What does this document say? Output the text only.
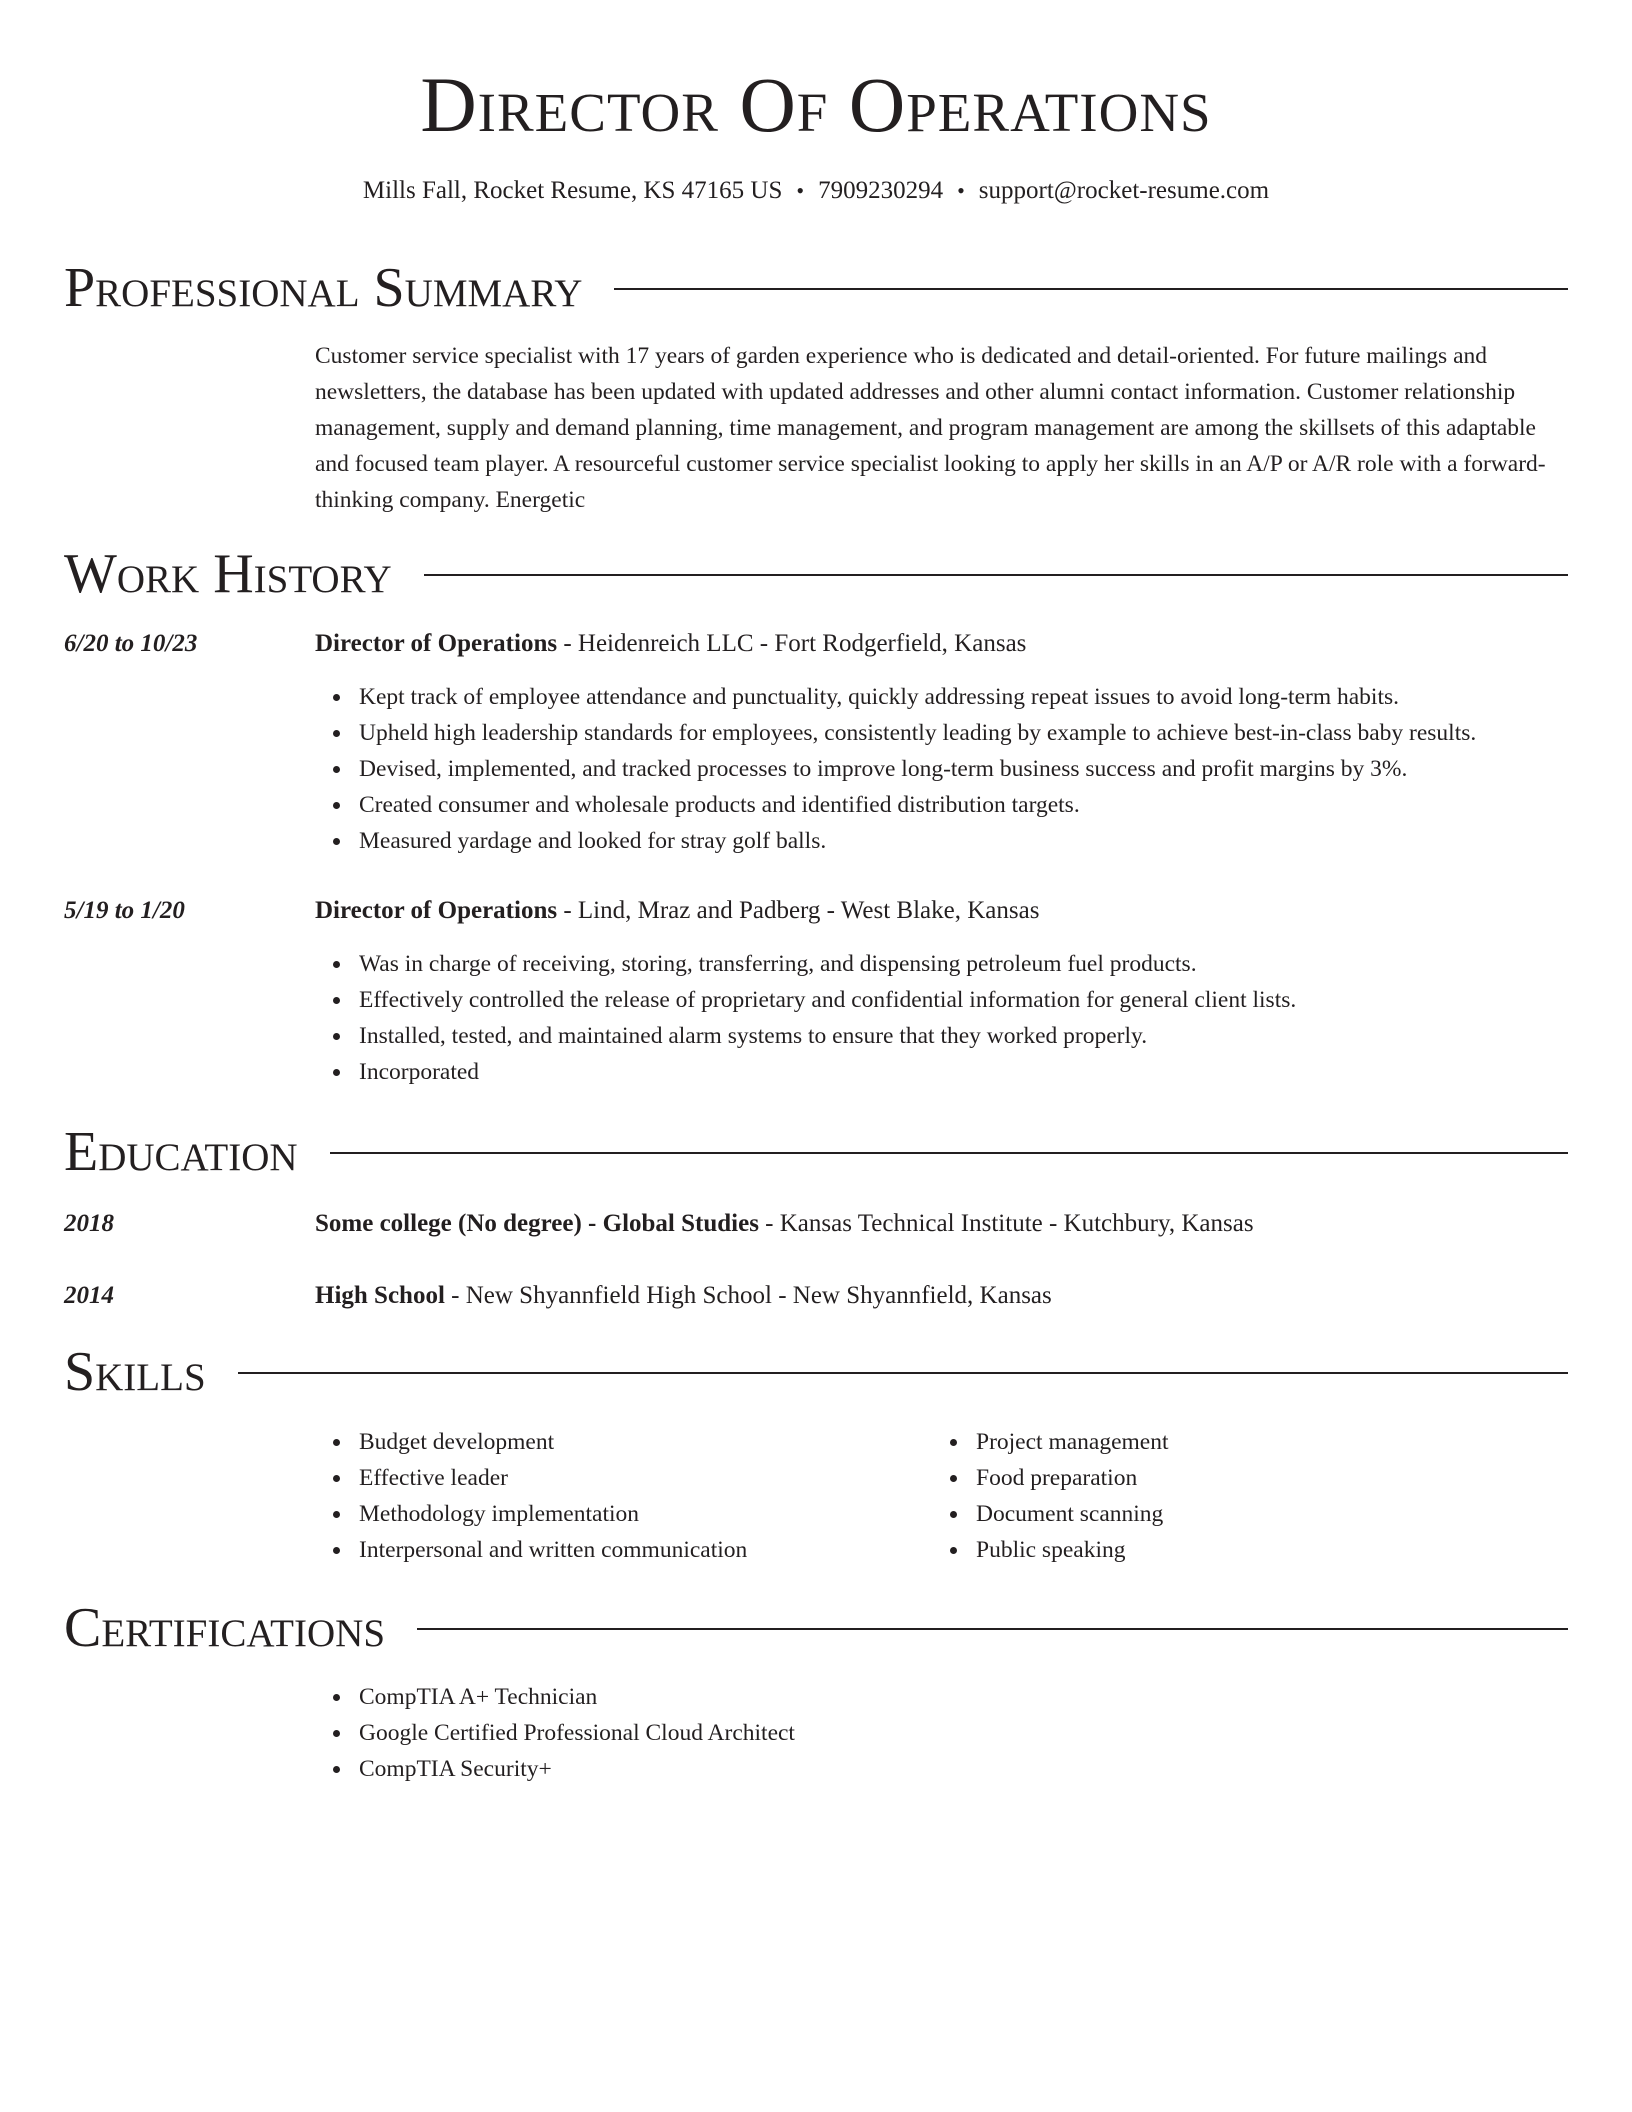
Director Of Operations

Mills Fall, Rocket Resume, KS 47165 US • 7909230294 • support@rocket-resume.com

Professional Summary

Customer service specialist with 17 years of garden experience who is dedicated and detail-oriented. For future mailings and newsletters, the database has been updated with updated addresses and other alumni contact information. Customer relationship management, supply and demand planning, time management, and program management are among the skillsets of this adaptable and focused team player. A resourceful customer service specialist looking to apply her skills in an A/P or A/R role with a forward-thinking company. Energetic

Work History

6/20 to 10/23	Director of Operations - Heidenreich LLC - Fort Rodgerfield, Kansas

Kept track of employee attendance and punctuality, quickly addressing repeat issues to avoid long-term habits.
Upheld high leadership standards for employees, consistently leading by example to achieve best-in-class baby results.
Devised, implemented, and tracked processes to improve long-term business success and profit margins by 3%.
Created consumer and wholesale products and identified distribution targets.
Measured yardage and looked for stray golf balls.

5/19 to 1/20	Director of Operations - Lind, Mraz and Padberg - West Blake, Kansas

Was in charge of receiving, storing, transferring, and dispensing petroleum fuel products.
Effectively controlled the release of proprietary and confidential information for general client lists.
Installed, tested, and maintained alarm systems to ensure that they worked properly.
Incorporated
Education

2018	Some college (No degree) - Global Studies - Kansas Technical Institute - Kutchbury, Kansas

2014	High School - New Shyannfield High School - New Shyannfield, Kansas

Skills
Budget development
Effective leader
Methodology implementation
Interpersonal and written communication
Project management
Food preparation
Document scanning
Public speaking
Certifications
CompTIA A+ Technician
Google Certified Professional Cloud Architect
CompTIA Security+
